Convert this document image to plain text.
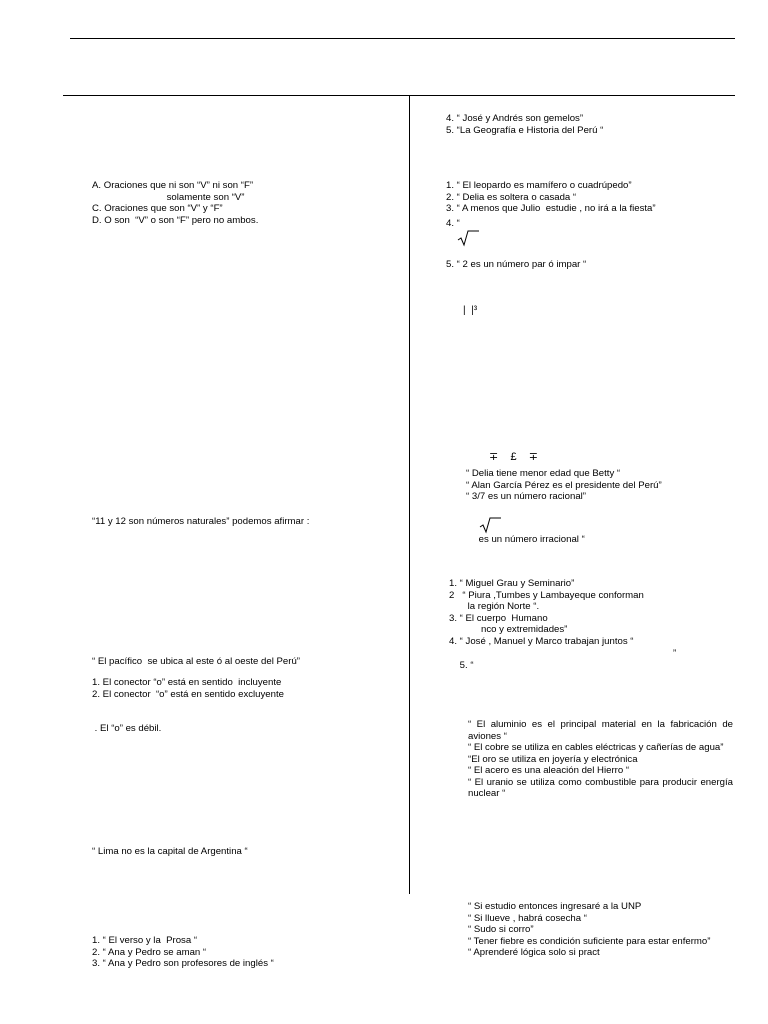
A. Oraciones que ni son “V” ni son “F”
solamente son “V”
C. Oraciones que son “V” y “F”
D. O son  “V” o son “F” pero no ambos.
“11 y 12 son números naturales” podemos afirmar :
“ El pacífico  se ubica al este ó al oeste del Perú”
1. El conector “o” está en sentido  incluyente
2. El conector  “o” está en sentido excluyente
. El “o” es débil.
“ Lima no es la capital de Argentina “
1. “ El verso y la  Prosa “
2. “ Ana y Pedro se aman “
3. “ Ana y Pedro son profesores de inglés “
4. “ José y Andrés son gemelos”
5. “La Geografía e Historia del Perú “
1. “ El leopardo es mamífero o cuadrúpedo”
2. “ Delia es soltera o casada “
3. “ A menos que Julio  estudie , no irá a la fiesta”
4. “

5. “ 2 es un número par ó impar “
|  |³
∓    £    ∓
“ Delia tiene menor edad que Betty “
“ Alan García Pérez es el presidente del Perú”
“ 3/7 es un número racional”

es un número irracional “

1. “ Miguel Grau y Seminario”
2   “ Piura ,Tumbes y Lambayeque conforman
la región Norte “.
3. “ El cuerpo  Humano
nco y extremidades”
4. “ José , Manuel y Marco trabajan juntos “

5. “

”

“ El aluminio es el principal material en la fabricación de aviones “
“ El cobre se utiliza en cables eléctricas y cañerías de agua”
“El oro se utiliza en joyería y electrónica
“ El acero es una aleación del Hierro “
“ El uranio se utiliza como combustible para producir energía nuclear “
“ Si estudio entonces ingresaré a la UNP
“ Si llueve , habrá cosecha “
“ Sudo si corro”
“ Tener fiebre es condición suficiente para estar enfermo”
“ Aprenderé lógica solo si pract
